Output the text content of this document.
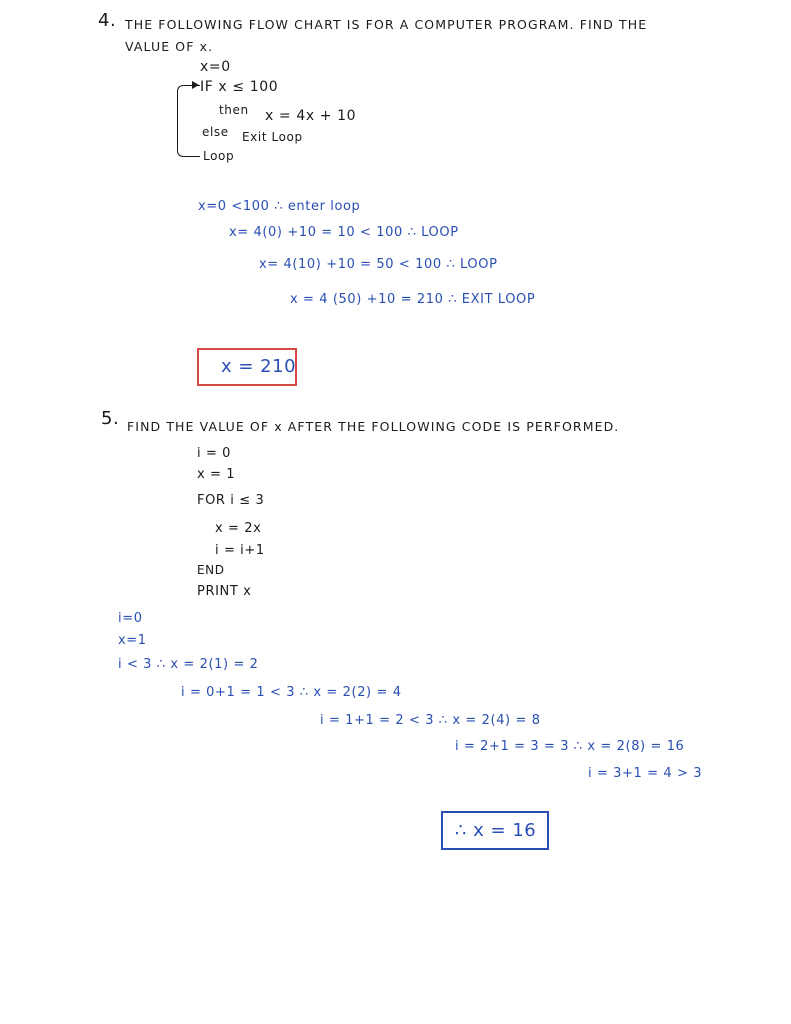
4. THE FOLLOWING FLOW CHART IS FOR A COMPUTER PROGRAM. FIND THE
VALUE OF x.
x=0
IF x ≤ 100
then x = 4x + 10
else Exit Loop
Loop
x=0 <100 ∴ enter loop
x= 4(0) +10 = 10 < 100 ∴ LOOP
x= 4(10) +10 = 50 < 100 ∴ LOOP
x = 4 (50) +10 = 210 ∴ EXIT LOOP
x = 210
5. FIND THE VALUE OF x AFTER THE FOLLOWING CODE IS PERFORMED.
i = 0
x = 1
FOR i ≤ 3
x = 2x
i = i+1
END
PRINT x
i=0
x=1
i < 3 ∴ x = 2(1) = 2
i = 0+1 = 1 < 3 ∴ x = 2(2) = 4
i = 1+1 = 2 < 3 ∴ x = 2(4) = 8
i = 2+1 = 3 = 3 ∴ x = 2(8) = 16
i = 3+1 = 4 > 3
∴ x = 16
